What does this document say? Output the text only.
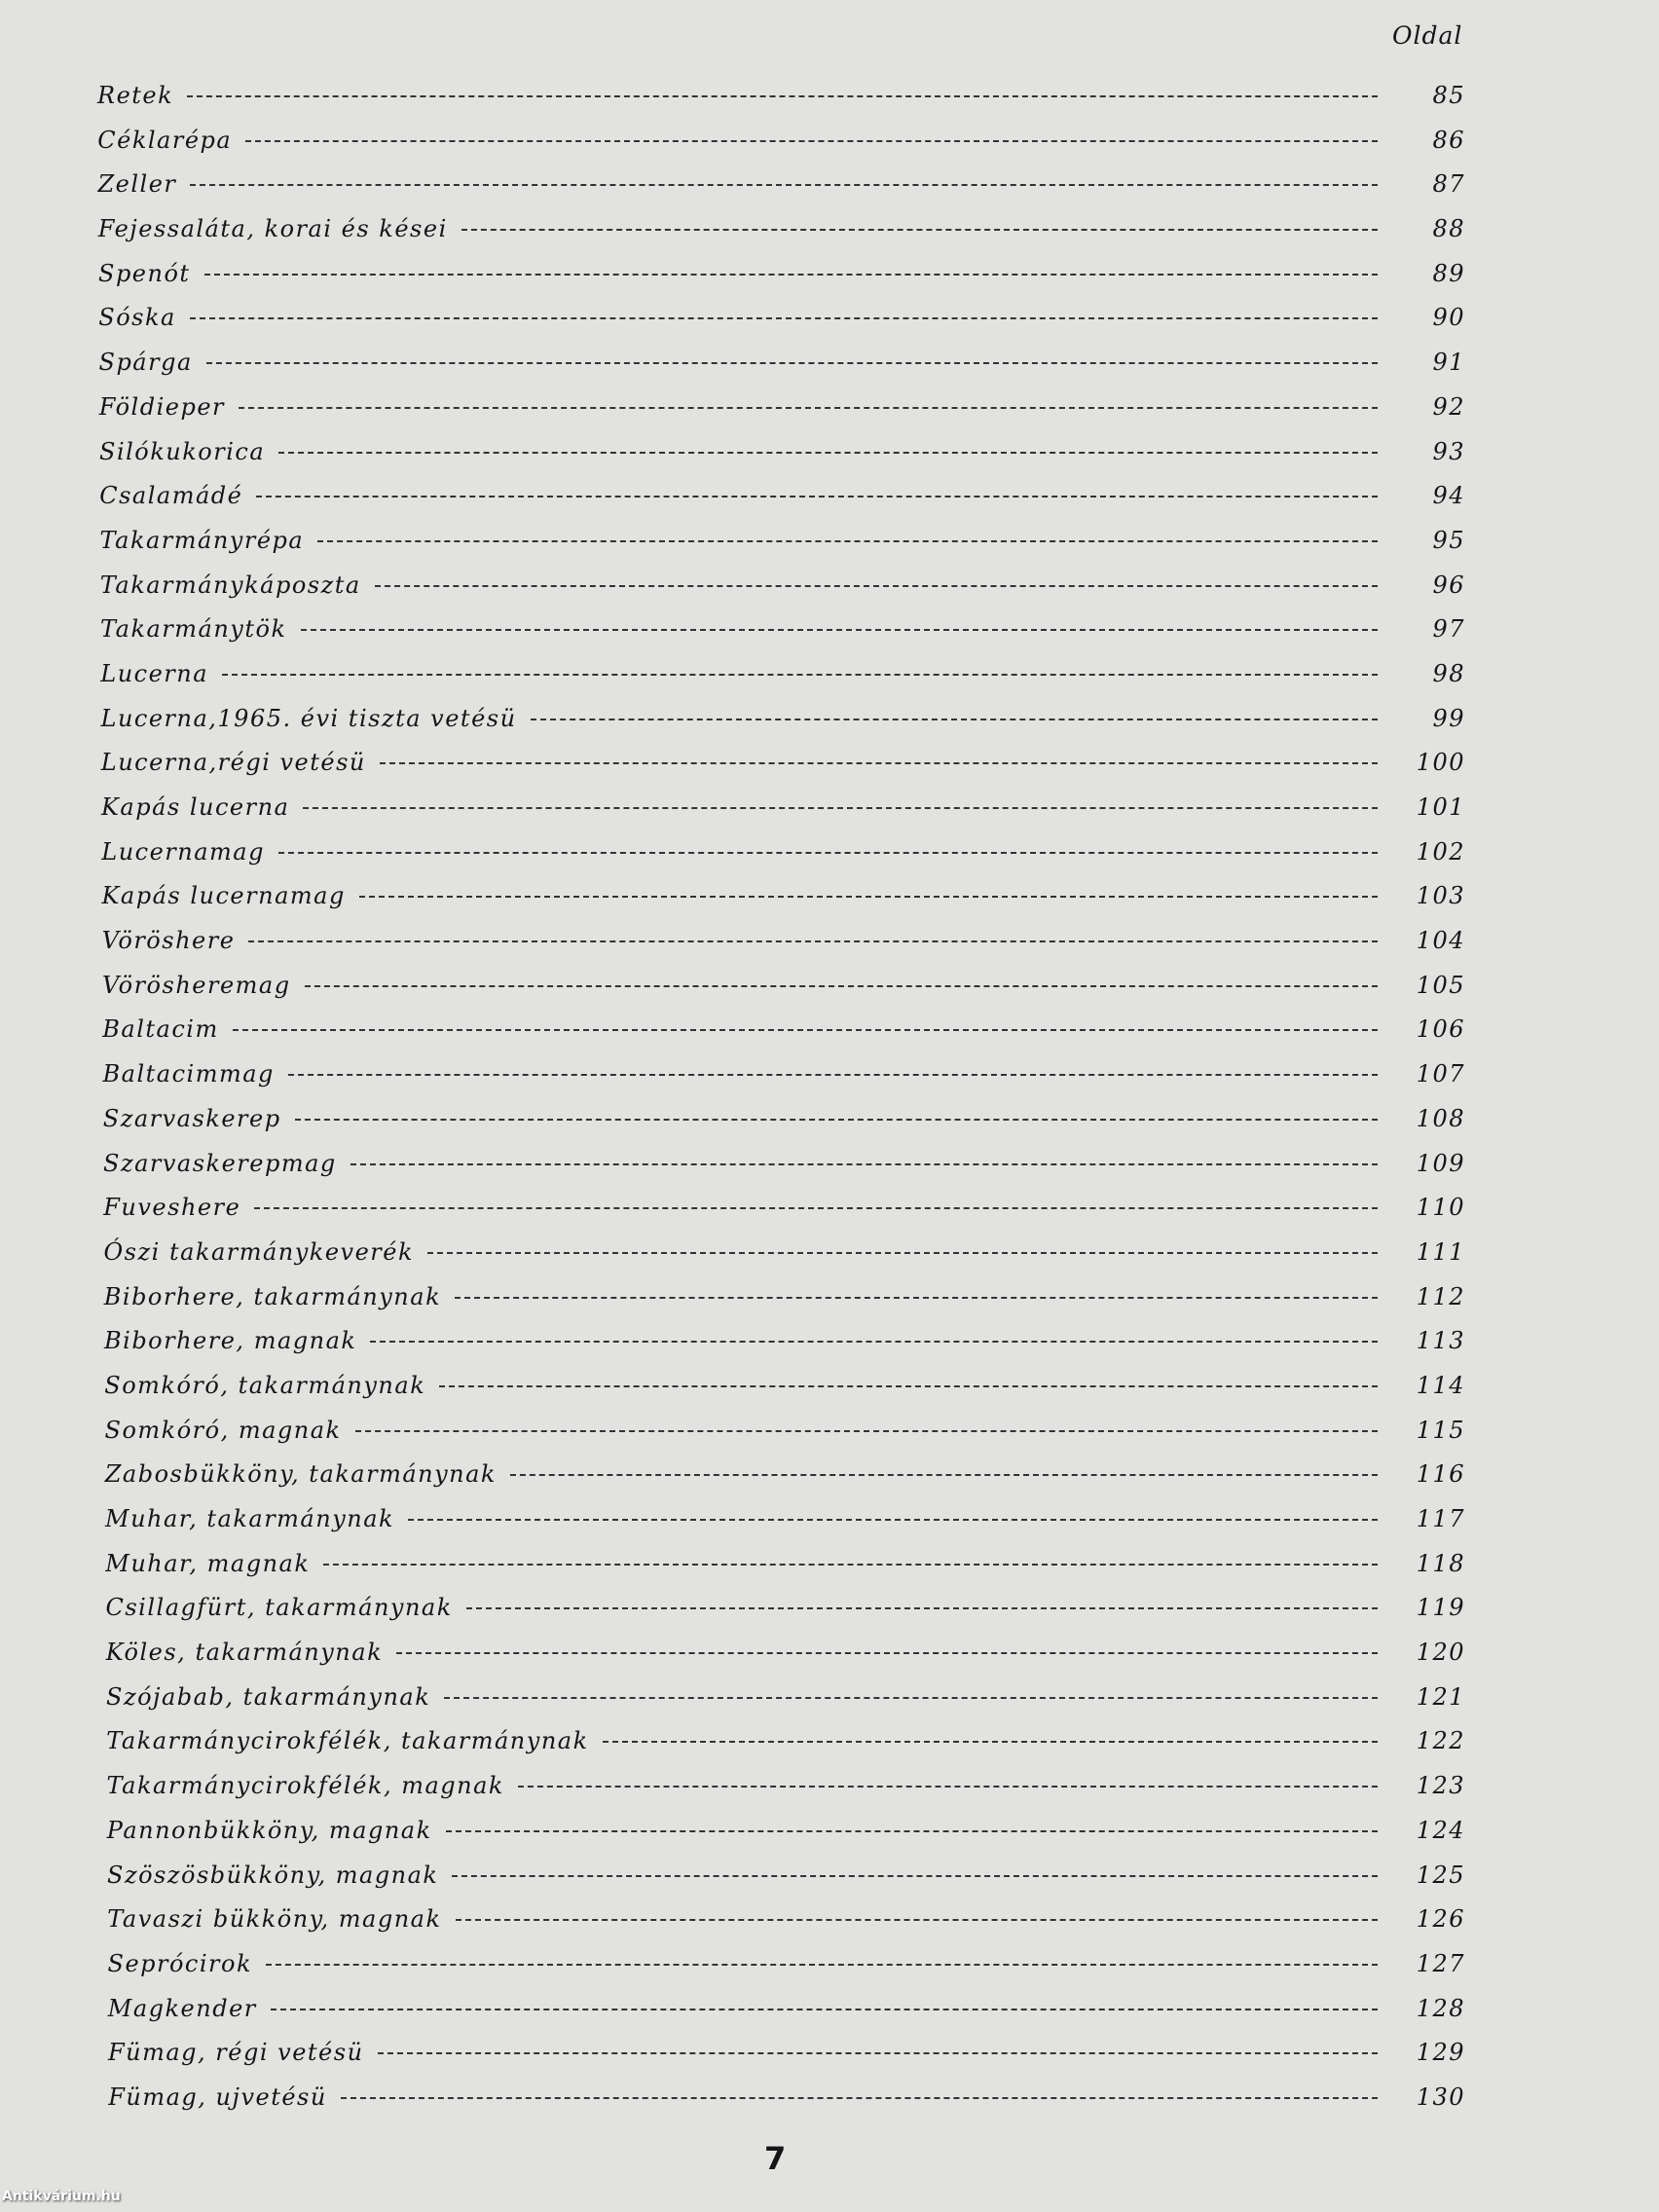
Oldal
Retek	85
Céklarépa	86
Zeller	87
Fejessaláta, korai és kései	88
Spenót	89
Sóska	90
Spárga	91
Földieper	92
Silókukorica	93
Csalamádé	94
Takarmányrépa	95
Takarmánykáposzta	96
Takarmánytök	97
Lucerna	98
Lucerna,1965. évi tiszta vetésü	99
Lucerna,régi vetésü	100
Kapás lucerna	101
Lucernamag	102
Kapás lucernamag	103
Vöröshere	104
Vörösheremag	105
Baltacim	106
Baltacimmag	107
Szarvaskerep	108
Szarvaskerepmag	109
Fuveshere	110
Ószi takarmánykeverék	111
Biborhere, takarmánynak	112
Biborhere, magnak	113
Somkóró, takarmánynak	114
Somkóró, magnak	115
Zabosbükköny, takarmánynak	116
Muhar, takarmánynak	117
Muhar, magnak	118
Csillagfürt, takarmánynak	119
Köles, takarmánynak	120
Szójabab, takarmánynak	121
Takarmánycirokfélék, takarmánynak	122
Takarmánycirokfélék, magnak	123
Pannonbükköny, magnak	124
Szöszösbükköny, magnak	125
Tavaszi bükköny, magnak	126
Seprócirok	127
Magkender	128
Fümag, régi vetésü	129
Fümag, ujvetésü	130
7
Antikvárium.hu
